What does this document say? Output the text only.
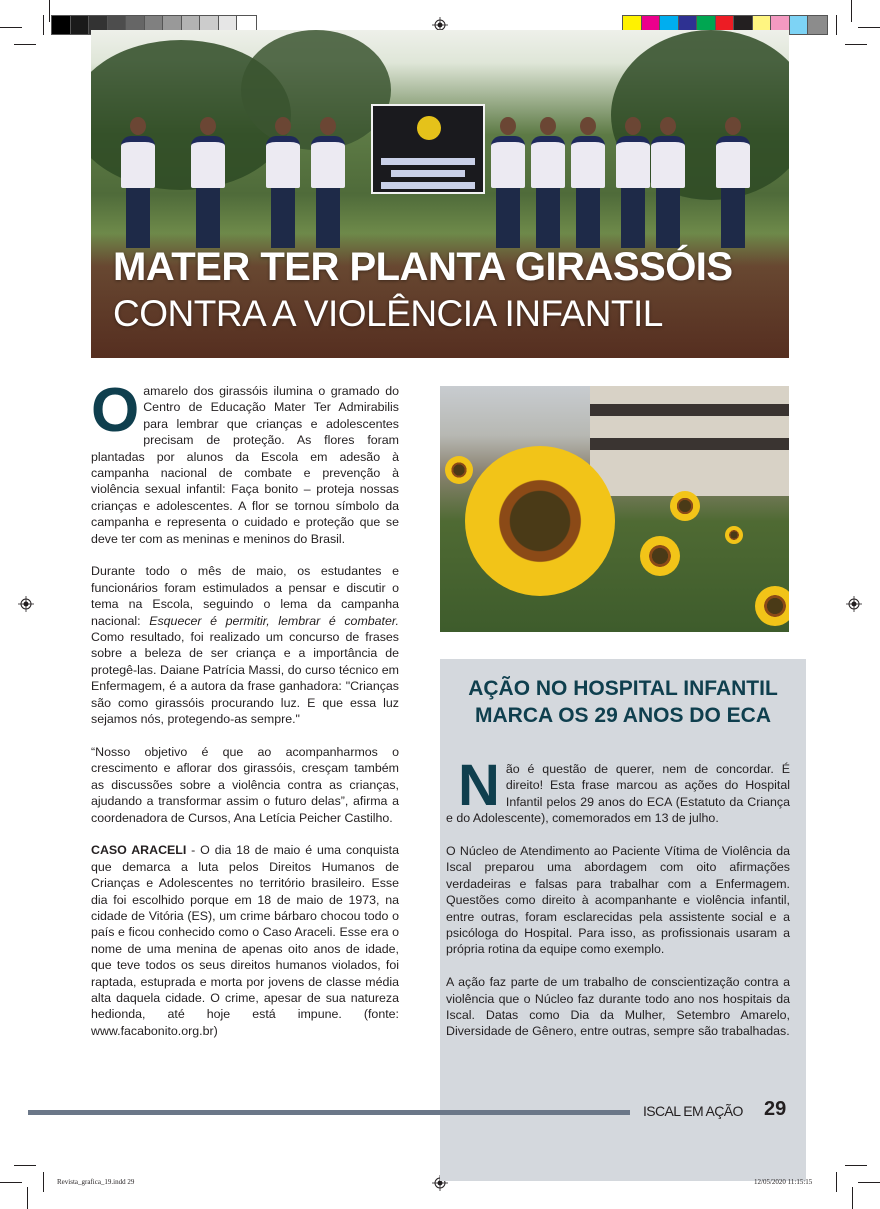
MATER TER PLANTA GIRASSÓIS
CONTRA A VIOLÊNCIA INFANTIL

O amarelo dos girassóis ilumina o gramado do Centro de Educação Mater Ter Admirabilis para lembrar que crianças e adolescentes precisam de proteção. As flores foram plantadas por alunos da Escola em adesão à campanha nacional de combate e prevenção à violência sexual infantil: Faça bonito – proteja nossas crianças e adolescentes. A flor se tornou símbolo da campanha e representa o cuidado e proteção que se deve ter com as meninas e meninos do Brasil.

Durante todo o mês de maio, os estudantes e funcionários foram estimulados a pensar e discutir o tema na Escola, seguindo o lema da campanha nacional: Esquecer é permitir, lembrar é combater. Como resultado, foi realizado um concurso de frases sobre a beleza de ser criança e a importância de protegê-las. Daiane Patrícia Massi, do curso técnico em Enfermagem, é a autora da frase ganhadora: "Crianças são como girassóis procurando luz. E que essa luz sejamos nós, protegendo-as sempre."

“Nosso objetivo é que ao acompanharmos o crescimento e aflorar dos girassóis, cresçam também as discussões sobre a violência contra as crianças, ajudando a transformar assim o futuro delas”, afirma a coordenadora de Cursos, Ana Letícia Peicher Castilho.

CASO ARACELI - O dia 18 de maio é uma conquista que demarca a luta pelos Direitos Humanos de Crianças e Adolescentes no território brasileiro. Esse dia foi escolhido porque em 18 de maio de 1973, na cidade de Vitória (ES), um crime bárbaro chocou todo o país e ficou conhecido como o Caso Araceli. Esse era o nome de uma menina de apenas oito anos de idade, que teve todos os seus direitos humanos violados, foi raptada, estuprada e morta por jovens de classe média alta daquela cidade. O crime, apesar de sua natureza hedionda, até hoje está impune. (fonte: www.facabonito.org.br)

AÇÃO NO HOSPITAL INFANTIL
MARCA OS 29 ANOS DO ECA

N ão é questão de querer, nem de concordar. É direito! Esta frase marcou as ações do Hospital Infantil pelos 29 anos do ECA (Estatuto da Criança e do Adolescente), comemorados em 13 de julho.

O Núcleo de Atendimento ao Paciente Vítima de Violência da Iscal preparou uma abordagem com oito afirmações verdadeiras e falsas para trabalhar com a Enfermagem. Questões como direito à acompanhante e violência infantil, entre outras, foram esclarecidas pela assistente social e a psicóloga do Hospital. Para isso, as profissionais usaram a própria rotina da equipe como exemplo.

A ação faz parte de um trabalho de conscientização contra a violência que o Núcleo faz durante todo ano nos hospitais da Iscal. Datas como Dia da Mulher, Setembro Amarelo, Diversidade de Gênero, entre outras, sempre são trabalhadas.

ISCAL EM AÇÃO 29
Revista_grafica_19.indd 29	12/05/2020 11:15:15
